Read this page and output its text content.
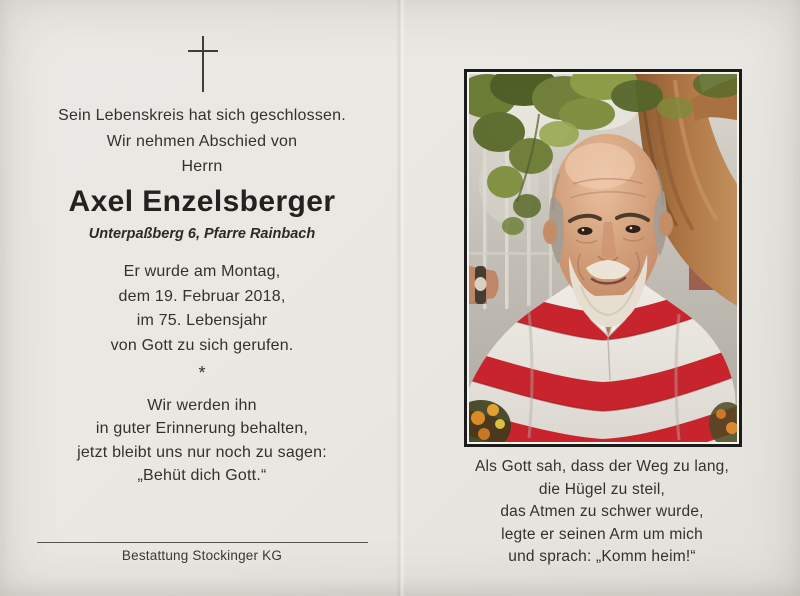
Sein Lebenskreis hat sich geschlossen.
Wir nehmen Abschied von
Herrn
Axel Enzelsberger
Unterpaßberg 6, Pfarre Rainbach
Er wurde am Montag,
dem 19. Februar 2018,
im 75. Lebensjahr
von Gott zu sich gerufen.
*
Wir werden ihn
in guter Erinnerung behalten,
jetzt bleibt uns nur noch zu sagen:
„Behüt dich Gott.“
Bestattung Stockinger KG
Als Gott sah, dass der Weg zu lang,
die Hügel zu steil,
das Atmen zu schwer wurde,
legte er seinen Arm um mich
und sprach: „Komm heim!“
